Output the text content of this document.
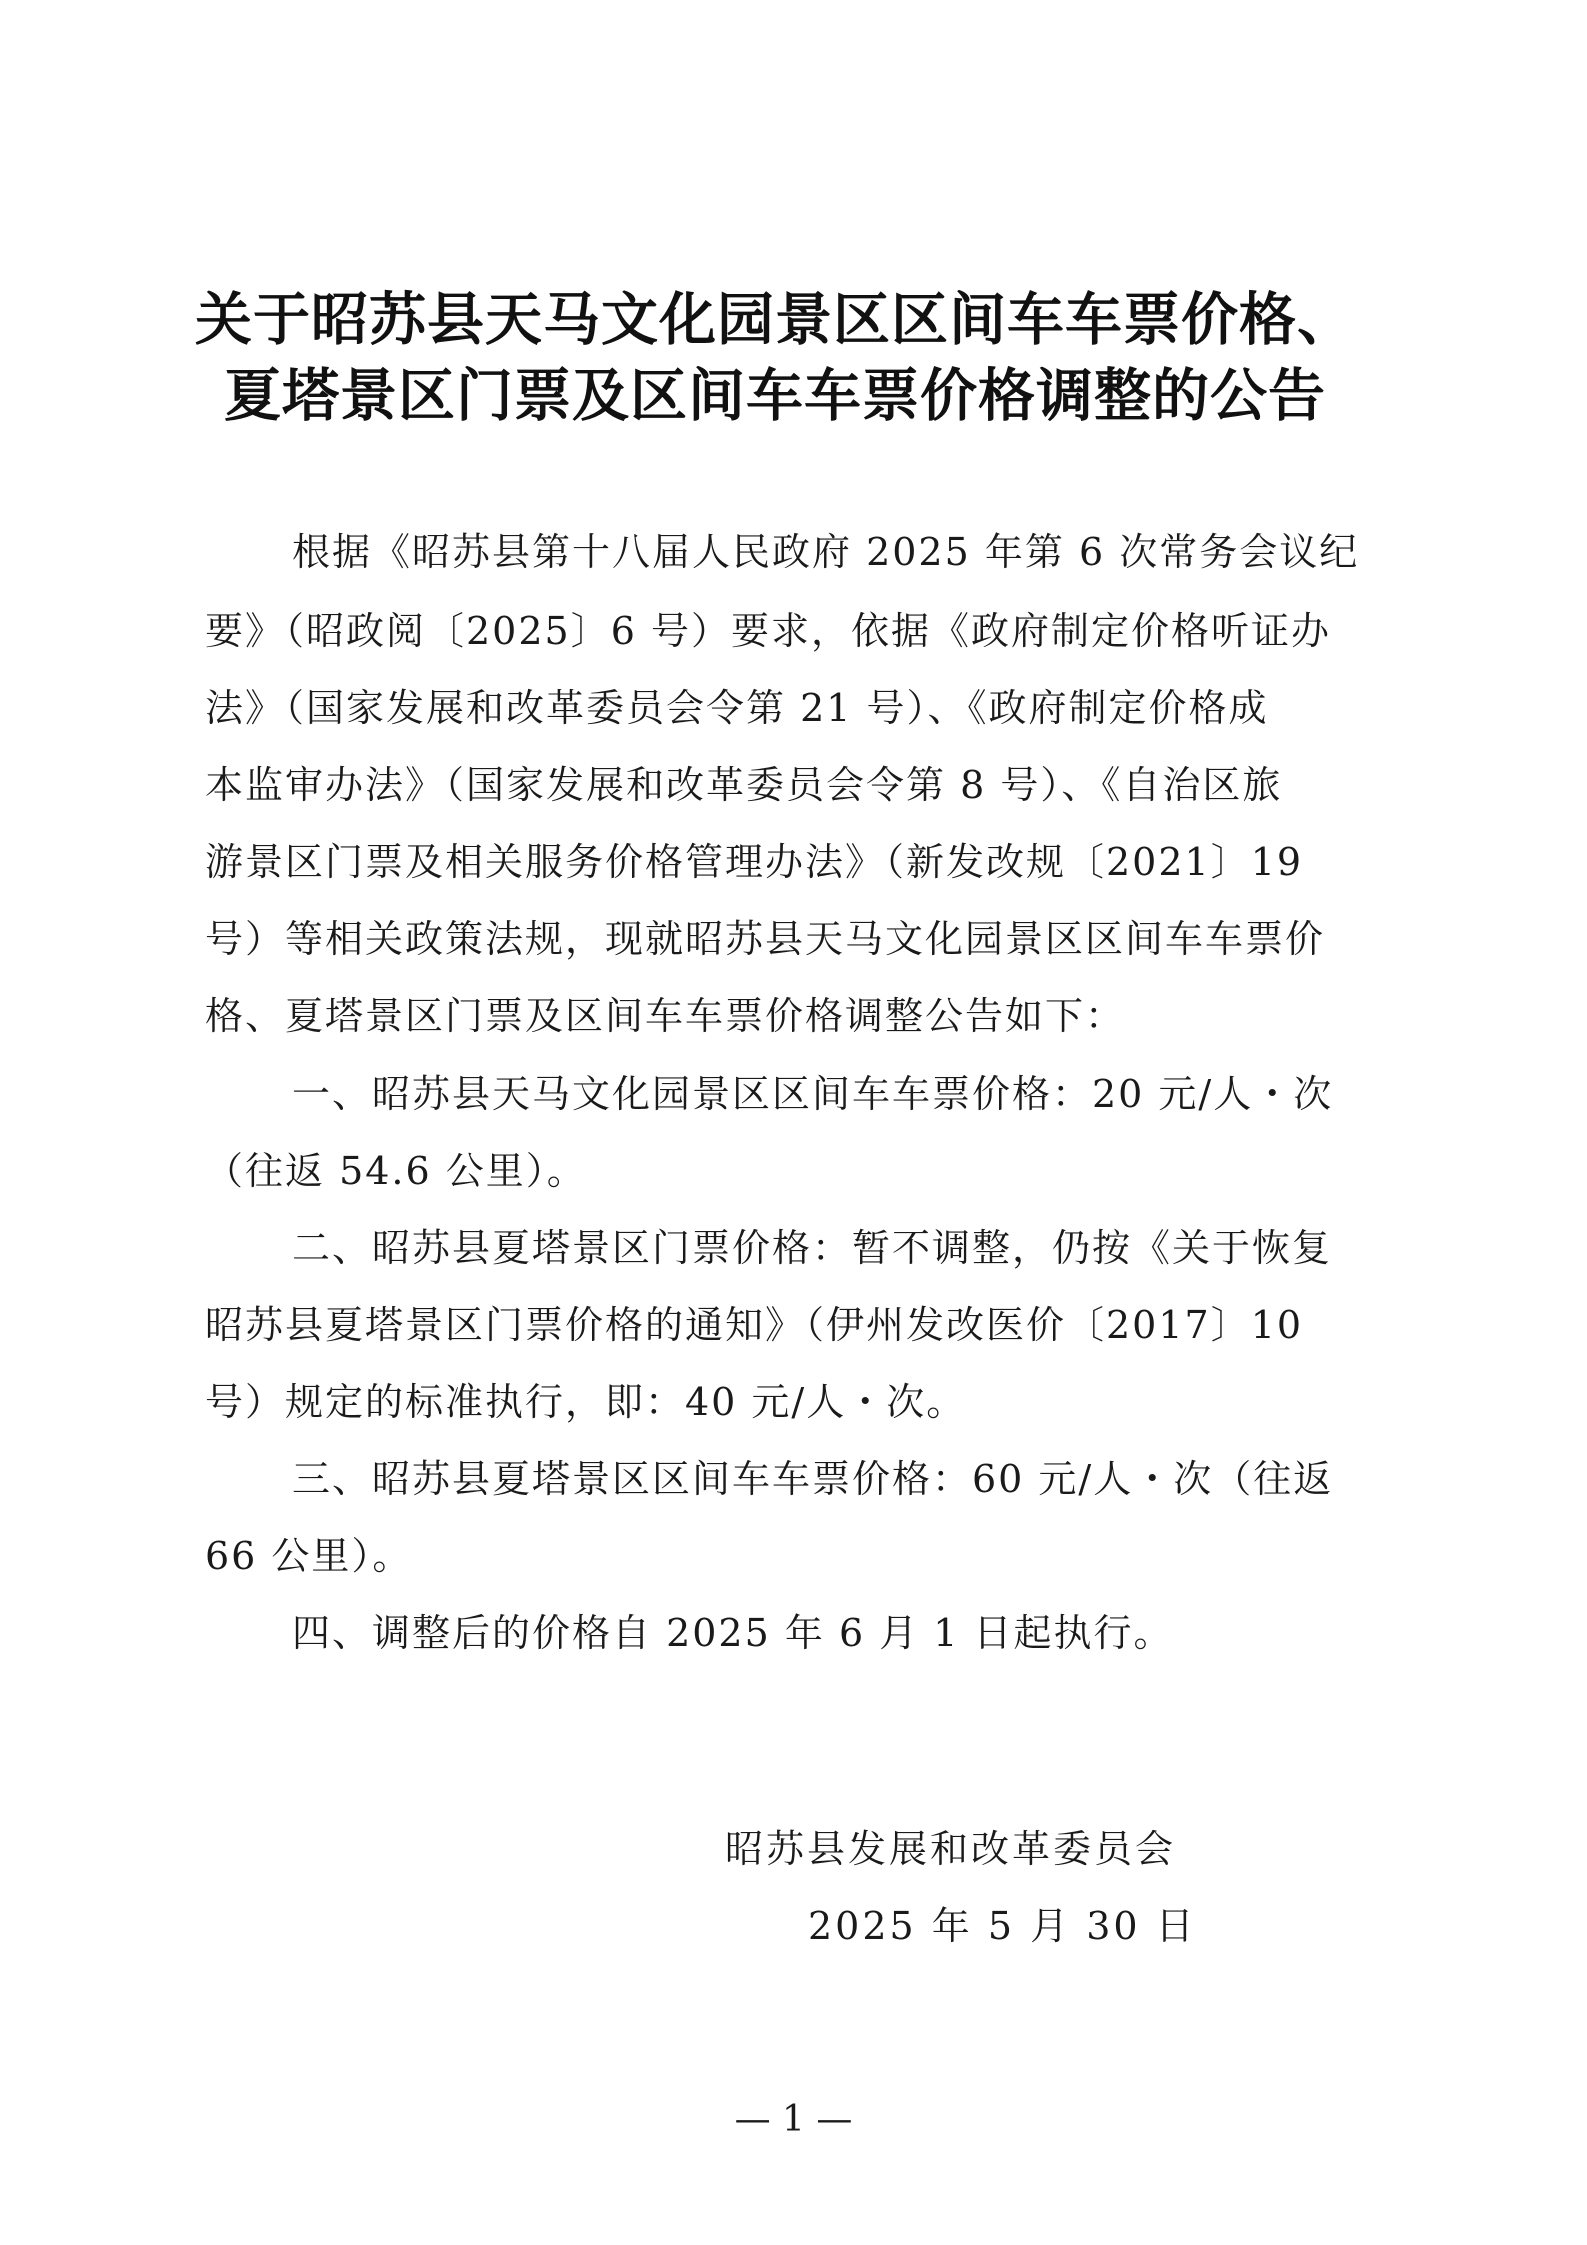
关于昭苏县天马文化园景区区间车车票价格、
夏塔景区门票及区间车车票价格调整的公告
根据《昭苏县第十八届人民政府 2025 年第 6 次常务会议纪
要》（昭政阅〔2025〕6 号）要求，依据《政府制定价格听证办
法》（国家发展和改革委员会令第 21 号）、《政府制定价格成
本监审办法》（国家发展和改革委员会令第 8 号）、《自治区旅
游景区门票及相关服务价格管理办法》（新发改规〔2021〕19
号）等相关政策法规，现就昭苏县天马文化园景区区间车车票价
格、夏塔景区门票及区间车车票价格调整公告如下：
一、昭苏县天马文化园景区区间车车票价格：20 元/人・次
（往返 54.6 公里）。
二、昭苏县夏塔景区门票价格：暂不调整，仍按《关于恢复
昭苏县夏塔景区门票价格的通知》（伊州发改医价〔2017〕10
号）规定的标准执行，即：40 元/人・次。
三、昭苏县夏塔景区区间车车票价格：60 元/人・次（往返
66 公里）。
四、调整后的价格自 2025 年 6 月 1 日起执行。
昭苏县发展和改革委员会
2025 年 5 月 30 日
— 1 —
